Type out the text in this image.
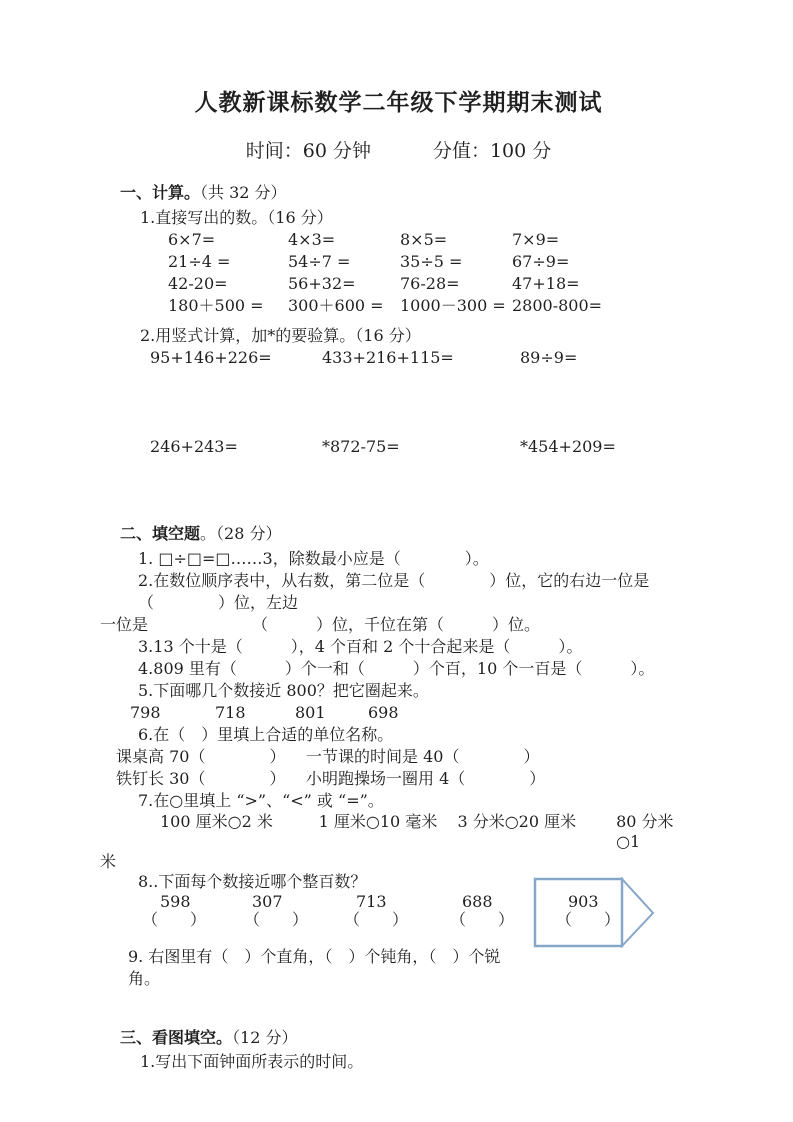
人教新课标数学二年级下学期期末测试
时间：60 分钟	分值：100 分
一、计算。（共 32 分）
1.直接写出的数。（16 分）
6×7=	4×3=	8×5=	7×9=
21÷4 =	54÷7 =	35÷5 =	67÷9=
42-20=	56+32=	76-28=	47+18=
180＋500 =	300＋600 =	1000－300 = 2800-800=
2.用竖式计算，加*的要验算。（16 分）
95+146+226=	433+216+115=	89÷9=
246+243=	*872-75=	*454+209=
二、填空题。（28 分）
1. □÷□=□……3，除数最小应是（　　　　）。
2.在数位顺序表中，从右数，第二位是（　　　　）位，它的右边一位是（　　　　）位，左边
一位是　　　　　　　（　　　）位，千位在第（　　　）位。
3.13 个十是（　　　），4 个百和 2 个十合起来是（　　　）。
4.809 里有（　　　）个一和（　　　）个百，10 个一百是（　　　）。
5.下面哪几个数接近 800？把它圈起来。
798	718	801	698
6.在（　）里填上合适的单位名称。
课桌高 70（　　　　）	一节课的时间是 40（　　　　）
铁钉长 30（　　　　）	小明跑操场一圈用 4（　　　　）
7.在○里填上 “>”、“<” 或 “=”。
100 厘米○2 米	1 厘米○10 毫米	3 分米○20 厘米	80 分米○1
米
8..下面每个数接近哪个整百数？
598	307	713	688	903
（　　）	（　　）	（　　）	（　　）	（　　）
9. 右图里有（　）个直角，（　）个钝角，（　）个锐角。
三、看图填空。（12 分）
1.写出下面钟面所表示的时间。
